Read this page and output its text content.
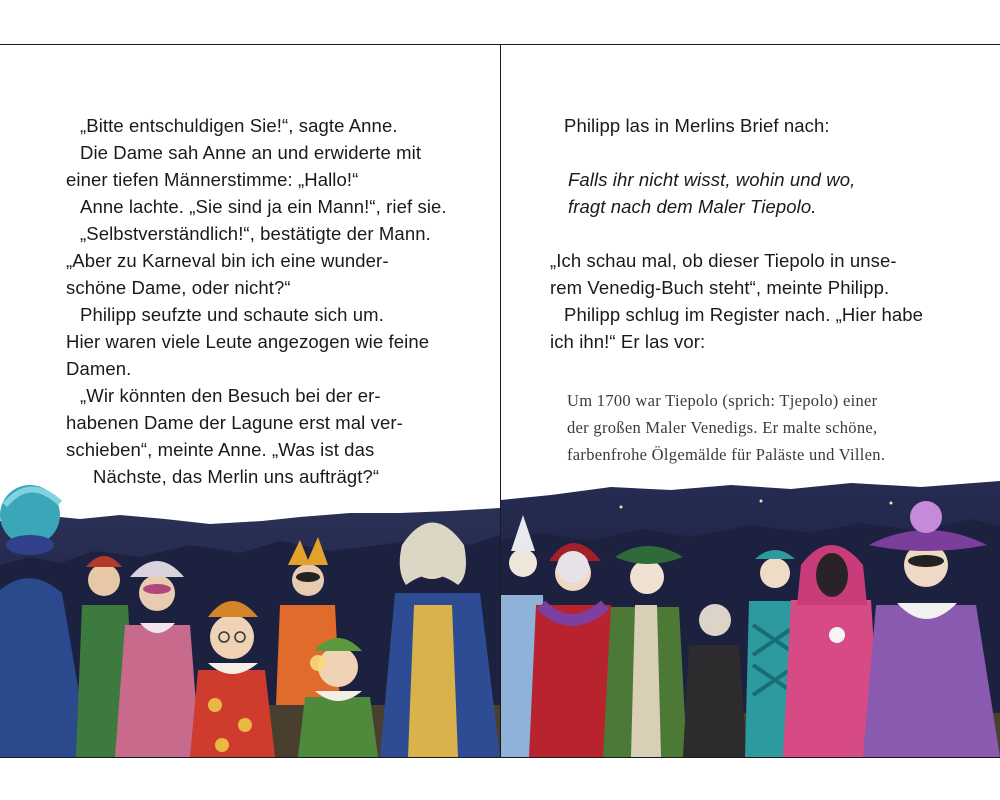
„Bitte entschuldigen Sie!“, sagte Anne.
Die Dame sah Anne an und erwiderte mit
einer tiefen Männerstimme: „Hallo!“
Anne lachte. „Sie sind ja ein Mann!“, rief sie.
„Selbstverständlich!“, bestätigte der Mann.
„Aber zu Karneval bin ich eine wunder-
schöne Dame, oder nicht?“
Philipp seufzte und schaute sich um.
Hier waren viele Leute angezogen wie feine
Damen.
„Wir könnten den Besuch bei der er-
habenen Dame der Lagune erst mal ver-
schieben“, meinte Anne. „Was ist das
Nächste, das Merlin uns aufträgt?“
Philipp las in Merlins Brief nach:
Falls ihr nicht wisst, wohin und wo,
fragt nach dem Maler Tiepolo.
„Ich schau mal, ob dieser Tiepolo in unse-
rem Venedig-Buch steht“, meinte Philipp.
Philipp schlug im Register nach. „Hier habe
ich ihn!“ Er las vor:
Um 1700 war Tiepolo (sprich: Tjepolo) einer
der großen Maler Venedigs. Er malte schöne,
farbenfrohe Ölgemälde für Paläste und Villen.
